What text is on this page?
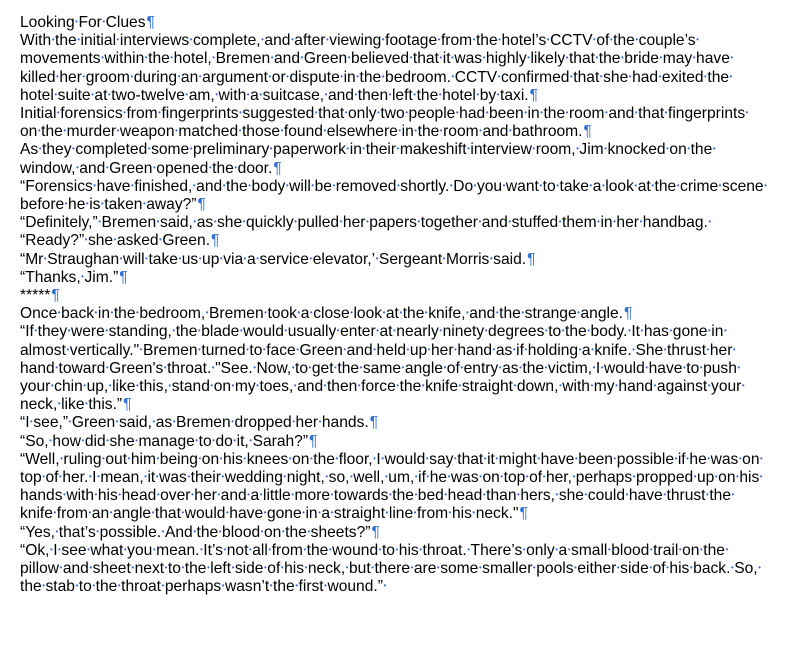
Looking•For•Clues¶
With•the•initial•interviews•complete,•and•after•viewing•footage•from•the•hotel’s•CCTV•of•the•couple’s•movements•within•the•hotel,•Bremen•and•Green•believed•that•it•was•highly•likely•that•the•bride•may•have•killed•her•groom•during•an•argument•or•dispute•in•the•bedroom.•CCTV•confirmed•that•she•had•exited•the•hotel•suite•at•two-twelve•am,•with•a•suitcase,•and•then•left•the•hotel•by•taxi.¶
Initial•forensics•from•fingerprints•suggested•that•only•two•people•had•been•in•the•room•and•that•fingerprints•on•the•murder•weapon•matched•those•found•elsewhere•in•the•room•and•bathroom.¶
As•they•completed•some•preliminary•paperwork•in•their•makeshift•interview•room,•Jim•knocked•on•the•window,•and•Green•opened•the•door.¶
“Forensics•have•finished,•and•the•body•will•be•removed•shortly.•Do•you•want•to•take•a•look•at•the•crime•scene•before•he•is•taken•away?”¶
“Definitely,”•Bremen•said,•as•she•quickly•pulled•her•papers•together•and•stuffed•them•in•her•handbag.•“Ready?”•she•asked•Green.¶
“Mr•Straughan•will•take•us•up•via•a•service•elevator,’•Sergeant•Morris•said.¶
“Thanks,•Jim.”¶
*****¶
Once•back•in•the•bedroom,•Bremen•took•a•close•look•at•the•knife,•and•the•strange•angle.¶
“If•they•were•standing,•the•blade•would•usually•enter•at•nearly•ninety•degrees•to•the•body.•It•has•gone•in•almost•vertically."•Bremen•turned•to•face•Green•and•held•up•her•hand•as•if•holding•a•knife.•She•thrust•her•hand•toward•Green's•throat.•"See.•Now,•to•get•the•same•angle•of•entry•as•the•victim,•I•would•have•to•push•your•chin•up,•like•this,•stand•on•my•toes,•and•then•force•the•knife•straight•down,•with•my•hand•against•your•neck,•like•this.”¶
“I•see,”•Green•said,•as•Bremen•dropped•her•hands.¶
“So,•how•did•she•manage•to•do•it,•Sarah?”¶
“Well,•ruling•out•him•being•on•his•knees•on•the•floor,•I•would•say•that•it•might•have•been•possible•if•he•was•on•top•of•her.•I•mean,•it•was•their•wedding•night,•so,•well,•um,•if•he•was•on•top•of•her,•perhaps•propped•up•on•his•hands•with•his•head•over•her•and•a•little•more•towards•the•bed•head•than•hers,•she•could•have•thrust•the•knife•from•an•angle•that•would•have•gone•in•a•straight•line•from•his•neck."¶
“Yes,•that’s•possible.•And•the•blood•on•the•sheets?”¶
“Ok,•I•see•what•you•mean.•It’s•not•all•from•the•wound•to•his•throat.•There’s•only•a•small•blood•trail•on•the•pillow•and•sheet•next•to•the•left•side•of•his•neck,•but•there•are•some•smaller•pools•either•side•of•his•back.•So,•the•stab•to•the•throat•perhaps•wasn’t•the•first•wound.”•
